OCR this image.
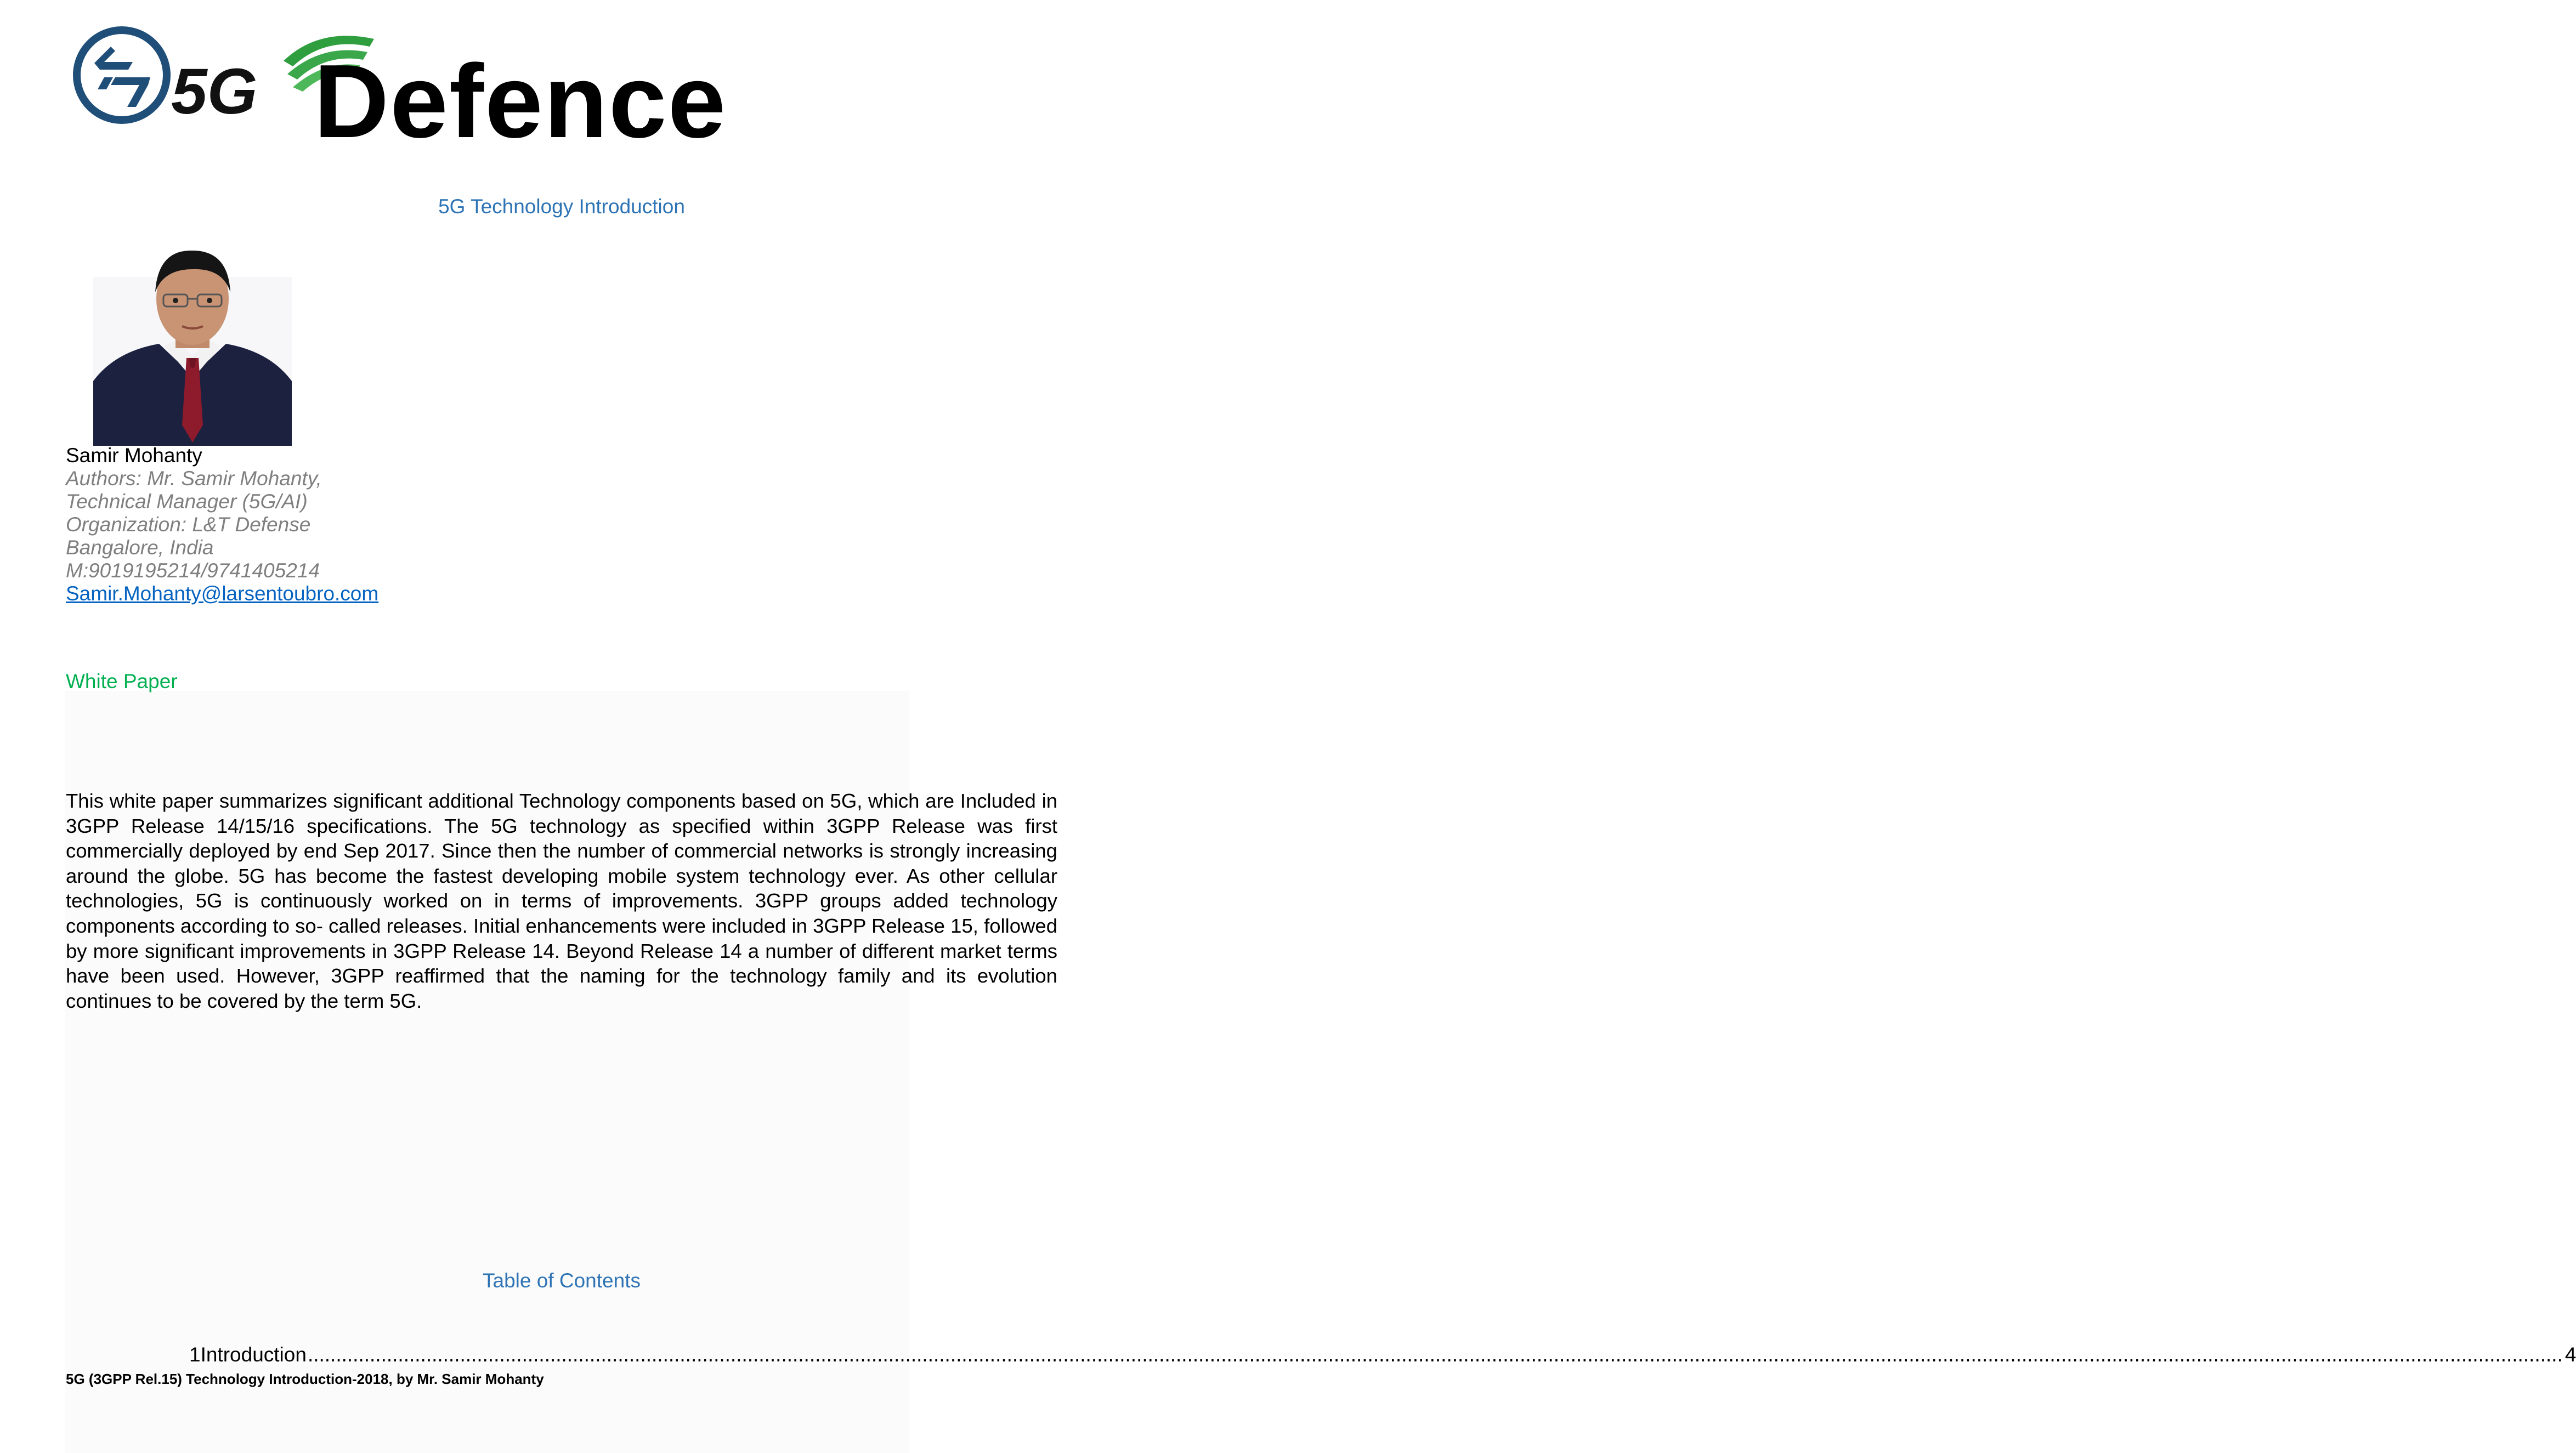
5G Defence
5G Technology Introduction
Samir Mohanty
Authors: Mr. Samir Mohanty,
Technical Manager (5G/AI)
Organization: L&T Defense
Bangalore, India
M:9019195214/9741405214
Samir.Mohanty@larsentoubro.com
White Paper

This white paper summarizes significant additional Technology components based on 5G, which are Included in 3GPP Release 14/15/16 specifications. The 5G technology as specified within 3GPP Release was first commercially deployed by end Sep 2017. Since then the number of commercial networks is strongly increasing around the globe. 5G has become the fastest developing mobile system technology ever. As other cellular technologies, 5G is continuously worked on in terms of improvements. 3GPP groups added technology components according to so- called releases. Initial enhancements were included in 3GPP Release 15, followed by more significant improvements in 3GPP Release 14. Beyond Release 14 a number of different market terms have been used. However, 3GPP reaffirmed that the naming for the technology family and its evolution continues to be covered by the term 5G.

Table of Contents
1 Introduction ................................................................................................................................................................................................................................................................................................................................................................................................................ 4
5G (3GPP Rel.15) Technology Introduction-2018, by Mr. Samir Mohanty
